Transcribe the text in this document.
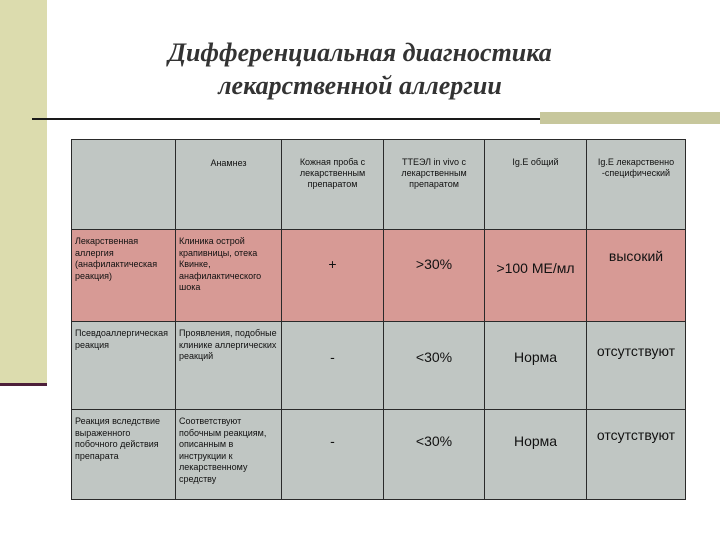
Дифференциальная диагностика
лекарственной аллергии

	Анамнез	Кожная проба с лекарственным препаратом	ТТЕЭЛ in vivo с лекарственным препаратом	Ig.E общий	Ig.E лекарственно -специфический

Лекарственная аллергия (анафилактическая реакция)	Клиника острой крапивницы, отека Квинке, анафилактического шока	+	>30%	>100 МЕ/мл	высокий

Псевдоаллергическая реакция	Проявления, подобные клинике аллергических реакций	-	<30%	Норма	отсутствуют

Реакция вследствие выраженного побочного действия препарата	Соответствуют побочным реакциям, описанным в инструкции к лекарственному средству	-	<30%	Норма	отсутствуют
